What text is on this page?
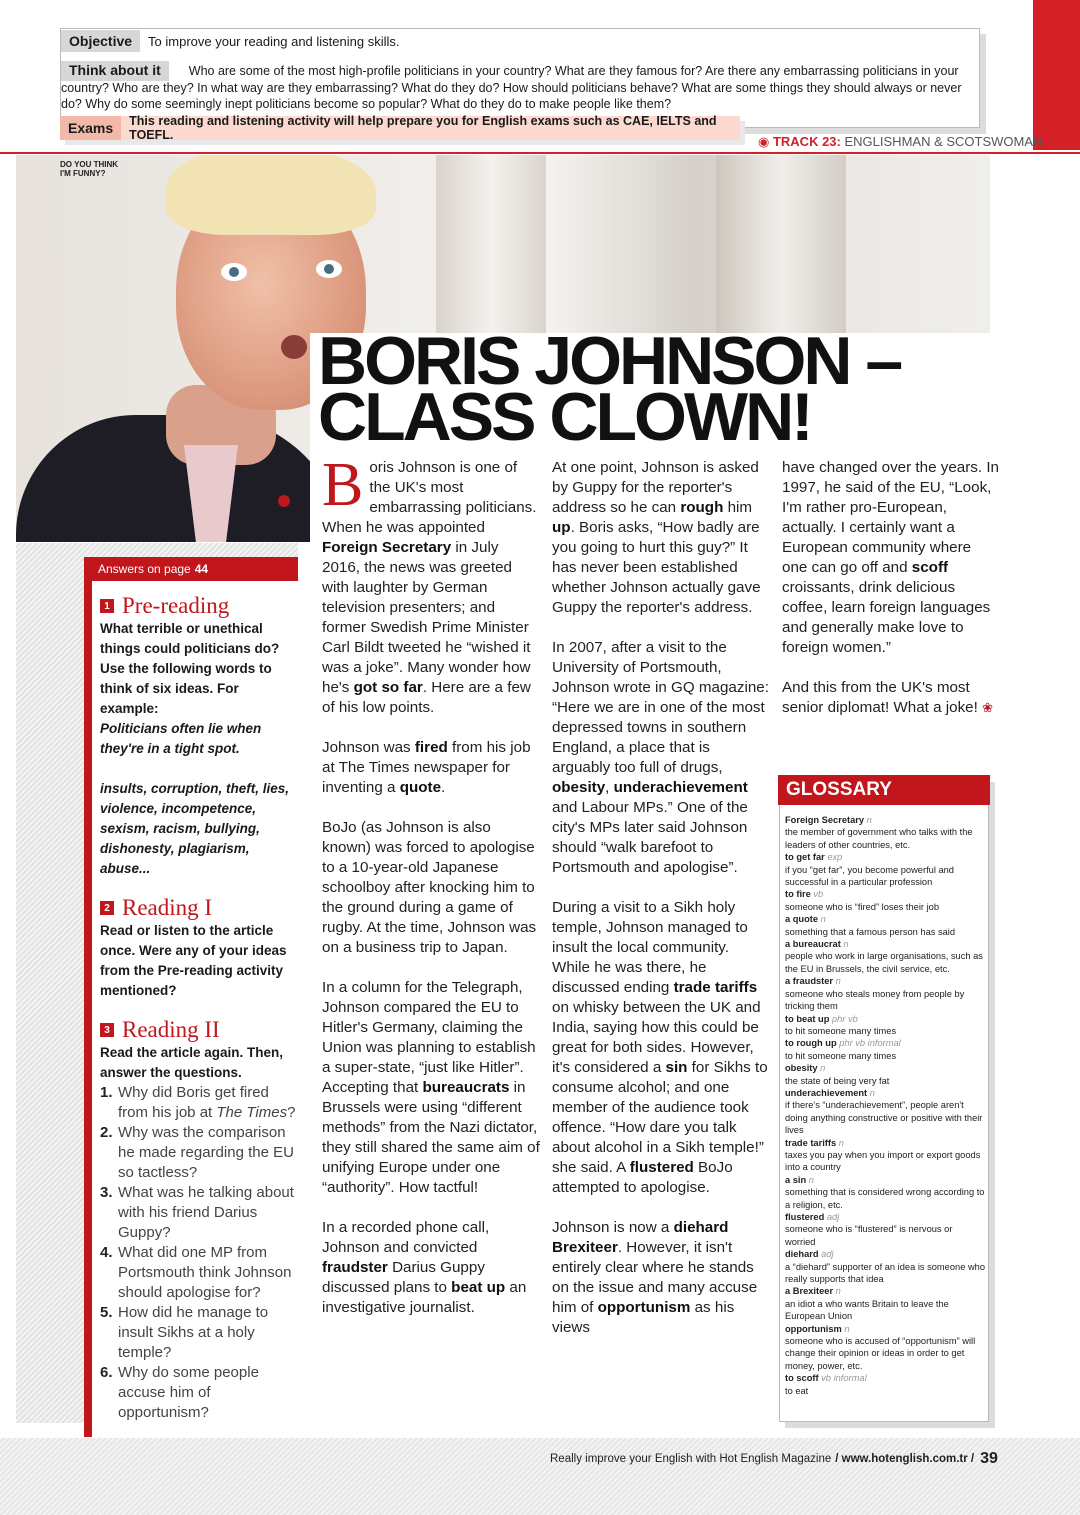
Objective	To improve your reading and listening skills.
Think about it Who are some of the most high-profile politicians in your country? What are they famous for? Are there any embarrassing politicians in your country? Who are they? In what way are they embarrassing? What do they do? How should politicians behave? What are some things they should always or never do? Why do some seemingly inept politicians become so popular? What do they do to make people like them?
Exams	This reading and listening activity will help prepare you for English exams such as CAE, IELTS and TOEFL.	◉ TRACK 23: ENGLISHMAN & SCOTSWOMAN
DO YOU THINK
I'M FUNNY?
BORIS JOHNSON –
CLASS CLOWN!
Answers on page 44
1 Pre-reading

What terrible or unethical things could politicians do? Use the following words to think of six ideas. For example:

Politicians often lie when they're in a tight spot.

insults, corruption, theft, lies, violence, incompetence, sexism, racism, bullying, dishonesty, plagiarism, abuse...

2 Reading I

Read or listen to the article once. Were any of your ideas from the Pre-reading activity mentioned?

3 Reading II

Read the article again. Then, answer the questions.

1. Why did Boris get fired from his job at The Times?
2. Why was the comparison he made regarding the EU so tactless?
3. What was he talking about with his friend Darius Guppy?
4. What did one MP from Portsmouth think Johnson should apologise for?
5. How did he manage to insult Sikhs at a holy temple?
6. Why do some people accuse him of opportunism?

Boris Johnson is one of the UK's most embarrassing politicians. When he was appointed Foreign Secretary in July 2016, the news was greeted with laughter by German television presenters; and former Swedish Prime Minister Carl Bildt tweeted he “wished it was a joke”. Many wonder how he's got so far. Here are a few of his low points.

Johnson was fired from his job at The Times newspaper for inventing a quote.

BoJo (as Johnson is also known) was forced to apologise to a 10-year-old Japanese schoolboy after knocking him to the ground during a game of rugby. At the time, Johnson was on a business trip to Japan.

In a column for the Telegraph, Johnson compared the EU to Hitler's Germany, claiming the Union was planning to establish a super-state, “just like Hitler”. Accepting that bureaucrats in Brussels were using “different methods” from the Nazi dictator, they still shared the same aim of unifying Europe under one “authority”. How tactful!

In a recorded phone call, Johnson and convicted fraudster Darius Guppy discussed plans to beat up an investigative journalist.

At one point, Johnson is asked by Guppy for the reporter's address so he can rough him up. Boris asks, “How badly are you going to hurt this guy?” It has never been established whether Johnson actually gave Guppy the reporter's address.

In 2007, after a visit to the University of Portsmouth, Johnson wrote in GQ magazine: “Here we are in one of the most depressed towns in southern England, a place that is arguably too full of drugs, obesity, underachievement and Labour MPs.” One of the city's MPs later said Johnson should “walk barefoot to Portsmouth and apologise”.

During a visit to a Sikh holy temple, Johnson managed to insult the local community. While he was there, he discussed ending trade tariffs on whisky between the UK and India, saying how this could be great for both sides. However, it's considered a sin for Sikhs to consume alcohol; and one member of the audience took offence. “How dare you talk about alcohol in a Sikh temple!” she said. A flustered BoJo attempted to apologise.

Johnson is now a diehard Brexiteer. However, it isn't entirely clear where he stands on the issue and many accuse him of opportunism as his views

have changed over the years. In 1997, he said of the EU, “Look, I'm rather pro-European, actually. I certainly want a European community where one can go off and scoff croissants, drink delicious coffee, learn foreign languages and generally make love to foreign women.”

And this from the UK's most senior diplomat! What a joke! ❀

GLOSSARY
Foreign Secretary n
the member of government who talks with the leaders of other countries, etc.
to get far exp
if you “get far”, you become powerful and successful in a particular profession
to fire vb
someone who is “fired” loses their job
a quote n
something that a famous person has said
a bureaucrat n
people who work in large organisations, such as the EU in Brussels, the civil service, etc.
a fraudster n
someone who steals money from people by tricking them
to beat up phr vb
to hit someone many times
to rough up phr vb informal
to hit someone many times
obesity n
the state of being very fat
underachievement n
if there's “underachievement”, people aren't doing anything constructive or positive with their lives
trade tariffs n
taxes you pay when you import or export goods into a country
a sin n
something that is considered wrong according to a religion, etc.
flustered adj
someone who is “flustered” is nervous or worried
diehard adj
a “diehard” supporter of an idea is someone who really supports that idea
a Brexiteer n
an idiot a who wants Britain to leave the European Union
opportunism n
someone who is accused of “opportunism” will change their opinion or ideas in order to get money, power, etc.
to scoff vb informal
to eat
Really improve your English with Hot English Magazine / www.hotenglish.com.tr / 39
